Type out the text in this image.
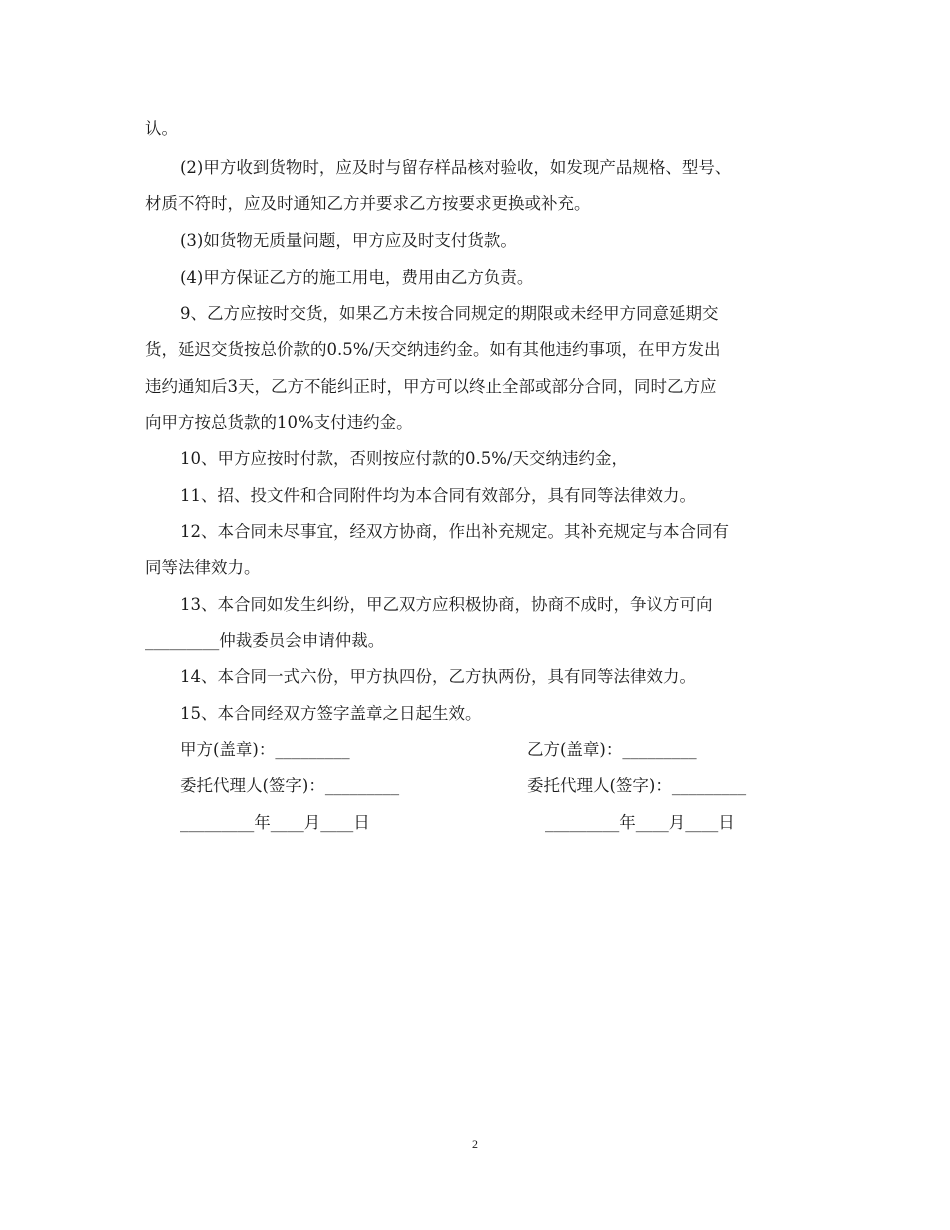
认。
(2)甲方收到货物时，应及时与留存样品核对验收，如发现产品规格、型号、
材质不符时，应及时通知乙方并要求乙方按要求更换或补充。
(3)如货物无质量问题，甲方应及时支付货款。
(4)甲方保证乙方的施工用电，费用由乙方负责。
9、乙方应按时交货，如果乙方未按合同规定的期限或未经甲方同意延期交
货，延迟交货按总价款的0.5%/天交纳违约金。如有其他违约事项，在甲方发出
违约通知后3天，乙方不能纠正时，甲方可以终止全部或部分合同，同时乙方应
向甲方按总货款的10%支付违约金。
10、甲方应按时付款，否则按应付款的0.5%/天交纳违约金，
11、招、投文件和合同附件均为本合同有效部分，具有同等法律效力。
12、本合同未尽事宜，经双方协商，作出补充规定。其补充规定与本合同有
同等法律效力。
13、本合同如发生纠纷，甲乙双方应积极协商，协商不成时，争议方可向
_________仲裁委员会申请仲裁。
14、本合同一式六份，甲方执四份，乙方执两份，具有同等法律效力。
15、本合同经双方签字盖章之日起生效。
甲方(盖章)：_________	乙方(盖章)：_________
委托代理人(签字)：_________	委托代理人(签字)：_________
_________年____月____日	_________年____月____日
2
